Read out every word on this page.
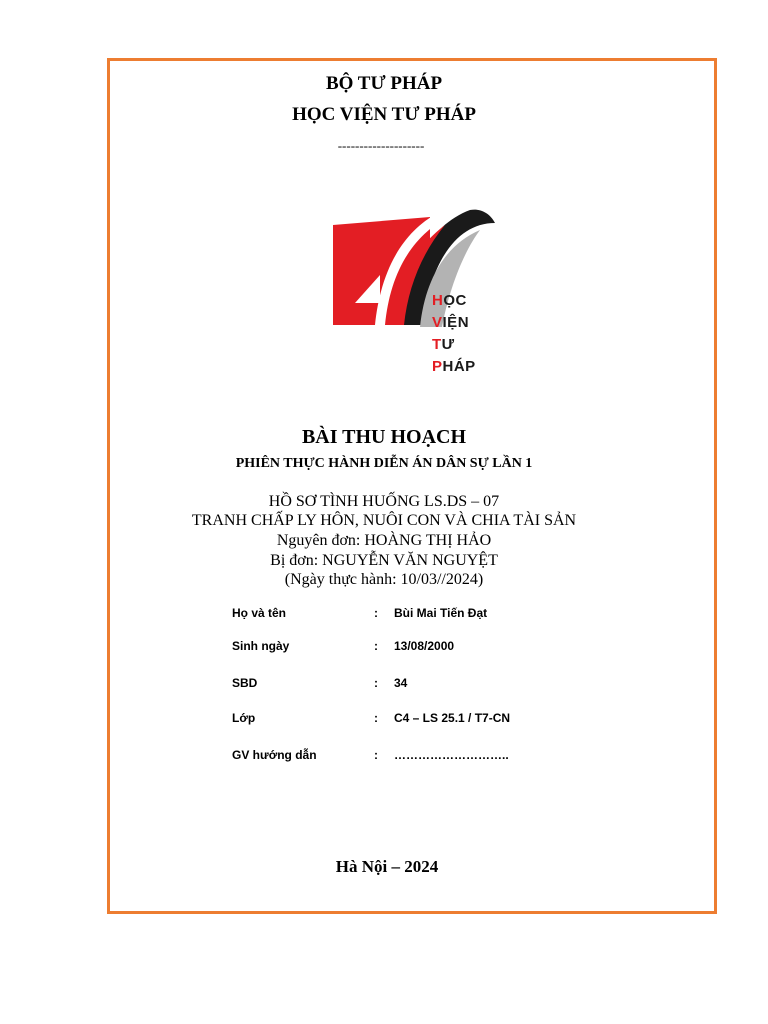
BỘ TƯ PHÁP
HỌC VIỆN TƯ PHÁP
--------------------
HỌC
VIỆN
TƯ
PHÁP
BÀI THU HOẠCH
PHIÊN THỰC HÀNH DIỄN ÁN DÂN SỰ LẦN 1
HỒ SƠ TÌNH HUỐNG LS.DS – 07
TRANH CHẤP LY HÔN, NUÔI CON VÀ CHIA TÀI SẢN
Nguyên đơn: HOÀNG THỊ HẢO
Bị đơn: NGUYỄN VĂN NGUYỆT
(Ngày thực hành: 10/03//2024)
Họ và tên	: Bùi Mai Tiến Đạt
Sinh ngày	: 13/08/2000
SBD	: 34
Lớp	: C4 – LS 25.1 / T7-CN
GV hướng dẫn	: ………………………..
Hà Nội – 2024
